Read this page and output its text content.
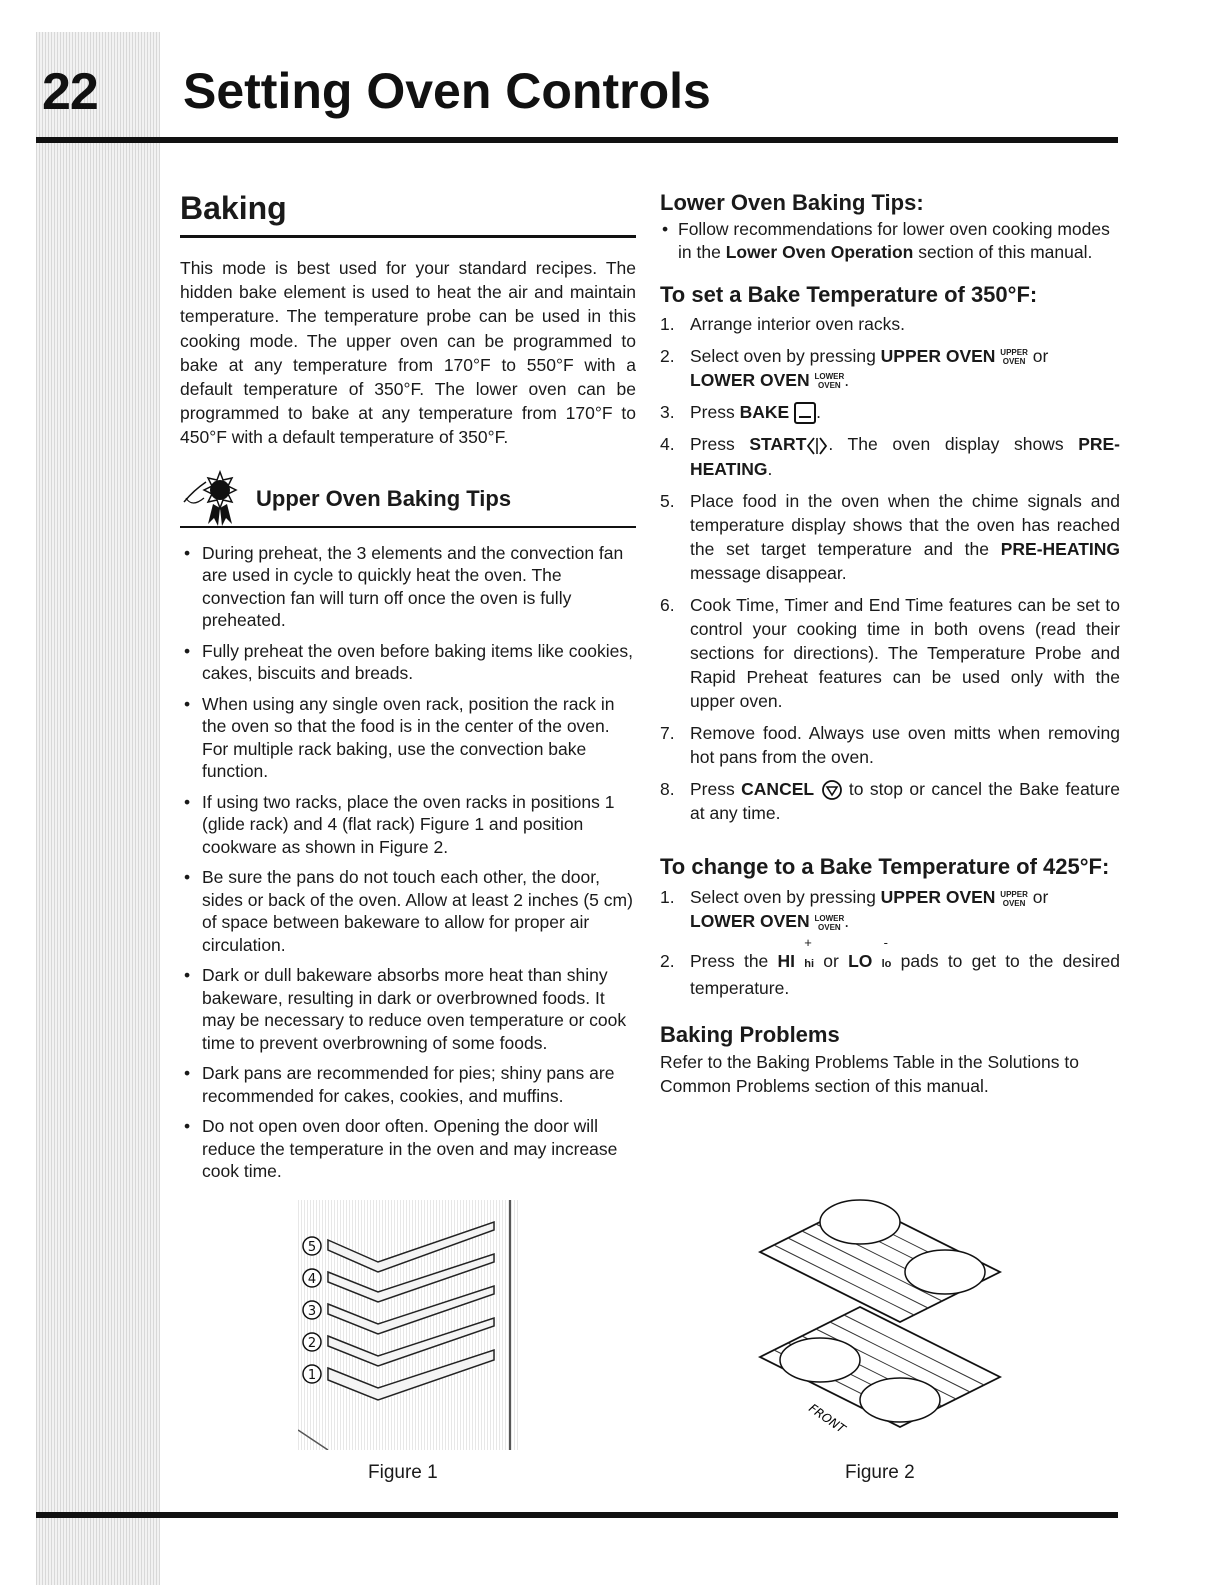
22 Setting Oven Controls
Baking

This mode is best used for your standard recipes. The hidden bake element is used to heat the air and maintain temperature. The temperature probe can be used in this cooking mode. The upper oven can be programmed to bake at any temperature from 170°F to 550°F with a default temperature of 350°F. The lower oven can be programmed to bake at any temperature from 170°F to 450°F with a default temperature of 350°F.

Upper Oven Baking Tips
• During preheat, the 3 elements and the convection fan are used in cycle to quickly heat the oven. The convection fan will turn off once the oven is fully preheated.
• Fully preheat the oven before baking items like cookies, cakes, biscuits and breads.
• When using any single oven rack, position the rack in the oven so that the food is in the center of the oven. For multiple rack baking, use the convection bake function.
• If using two racks, place the oven racks in positions 1 (glide rack) and 4 (flat rack) Figure 1 and position cookware as shown in Figure 2.
• Be sure the pans do not touch each other, the door, sides or back of the oven. Allow at least 2 inches (5 cm) of space between bakeware to allow for proper air circulation.
• Dark or dull bakeware absorbs more heat than shiny bakeware, resulting in dark or overbrowned foods. It may be necessary to reduce oven temperature or cook time to prevent overbrowning of some foods.
• Dark pans are recommended for pies; shiny pans are recommended for cakes, cookies, and muffins.
• Do not open oven door often. Opening the door will reduce the temperature in the oven and may increase cook time.
Lower Oven Baking Tips:
• Follow recommendations for lower oven cooking modes in the Lower Oven Operation section of this manual.
To set a Bake Temperature of 350°F:
1. Arrange interior oven racks.
2. Select oven by pressing UPPER OVEN UPPER
OVEN or
LOWER OVEN LOWER
OVEN .
3. Press BAKE .
4. Press START . The oven display shows PRE-HEATING.
5. Place food in the oven when the chime signals and temperature display shows that the oven has reached the set target temperature and the PRE-HEATING message disappear.
6. Cook Time, Timer and End Time features can be set to control your cooking time in both ovens (read their sections for directions). The Temperature Probe and Rapid Preheat features can be used only with the upper oven.
7. Remove food. Always use oven mitts when removing hot pans from the oven.
8. Press CANCEL  to stop or cancel the Bake feature at any time.
To change to a Bake Temperature of 425°F:
1. Select oven by pressing UPPER OVEN UPPER
OVEN or
LOWER OVEN LOWER
OVEN .
2. Press the HI hi
+
or LO lo
-
pads to get to the desired temperature.
Baking Problems

Refer to the Baking Problems Table in the Solutions to Common Problems section of this manual.

5
4
3
2
1
Figure 1
FRONT
Figure 2
